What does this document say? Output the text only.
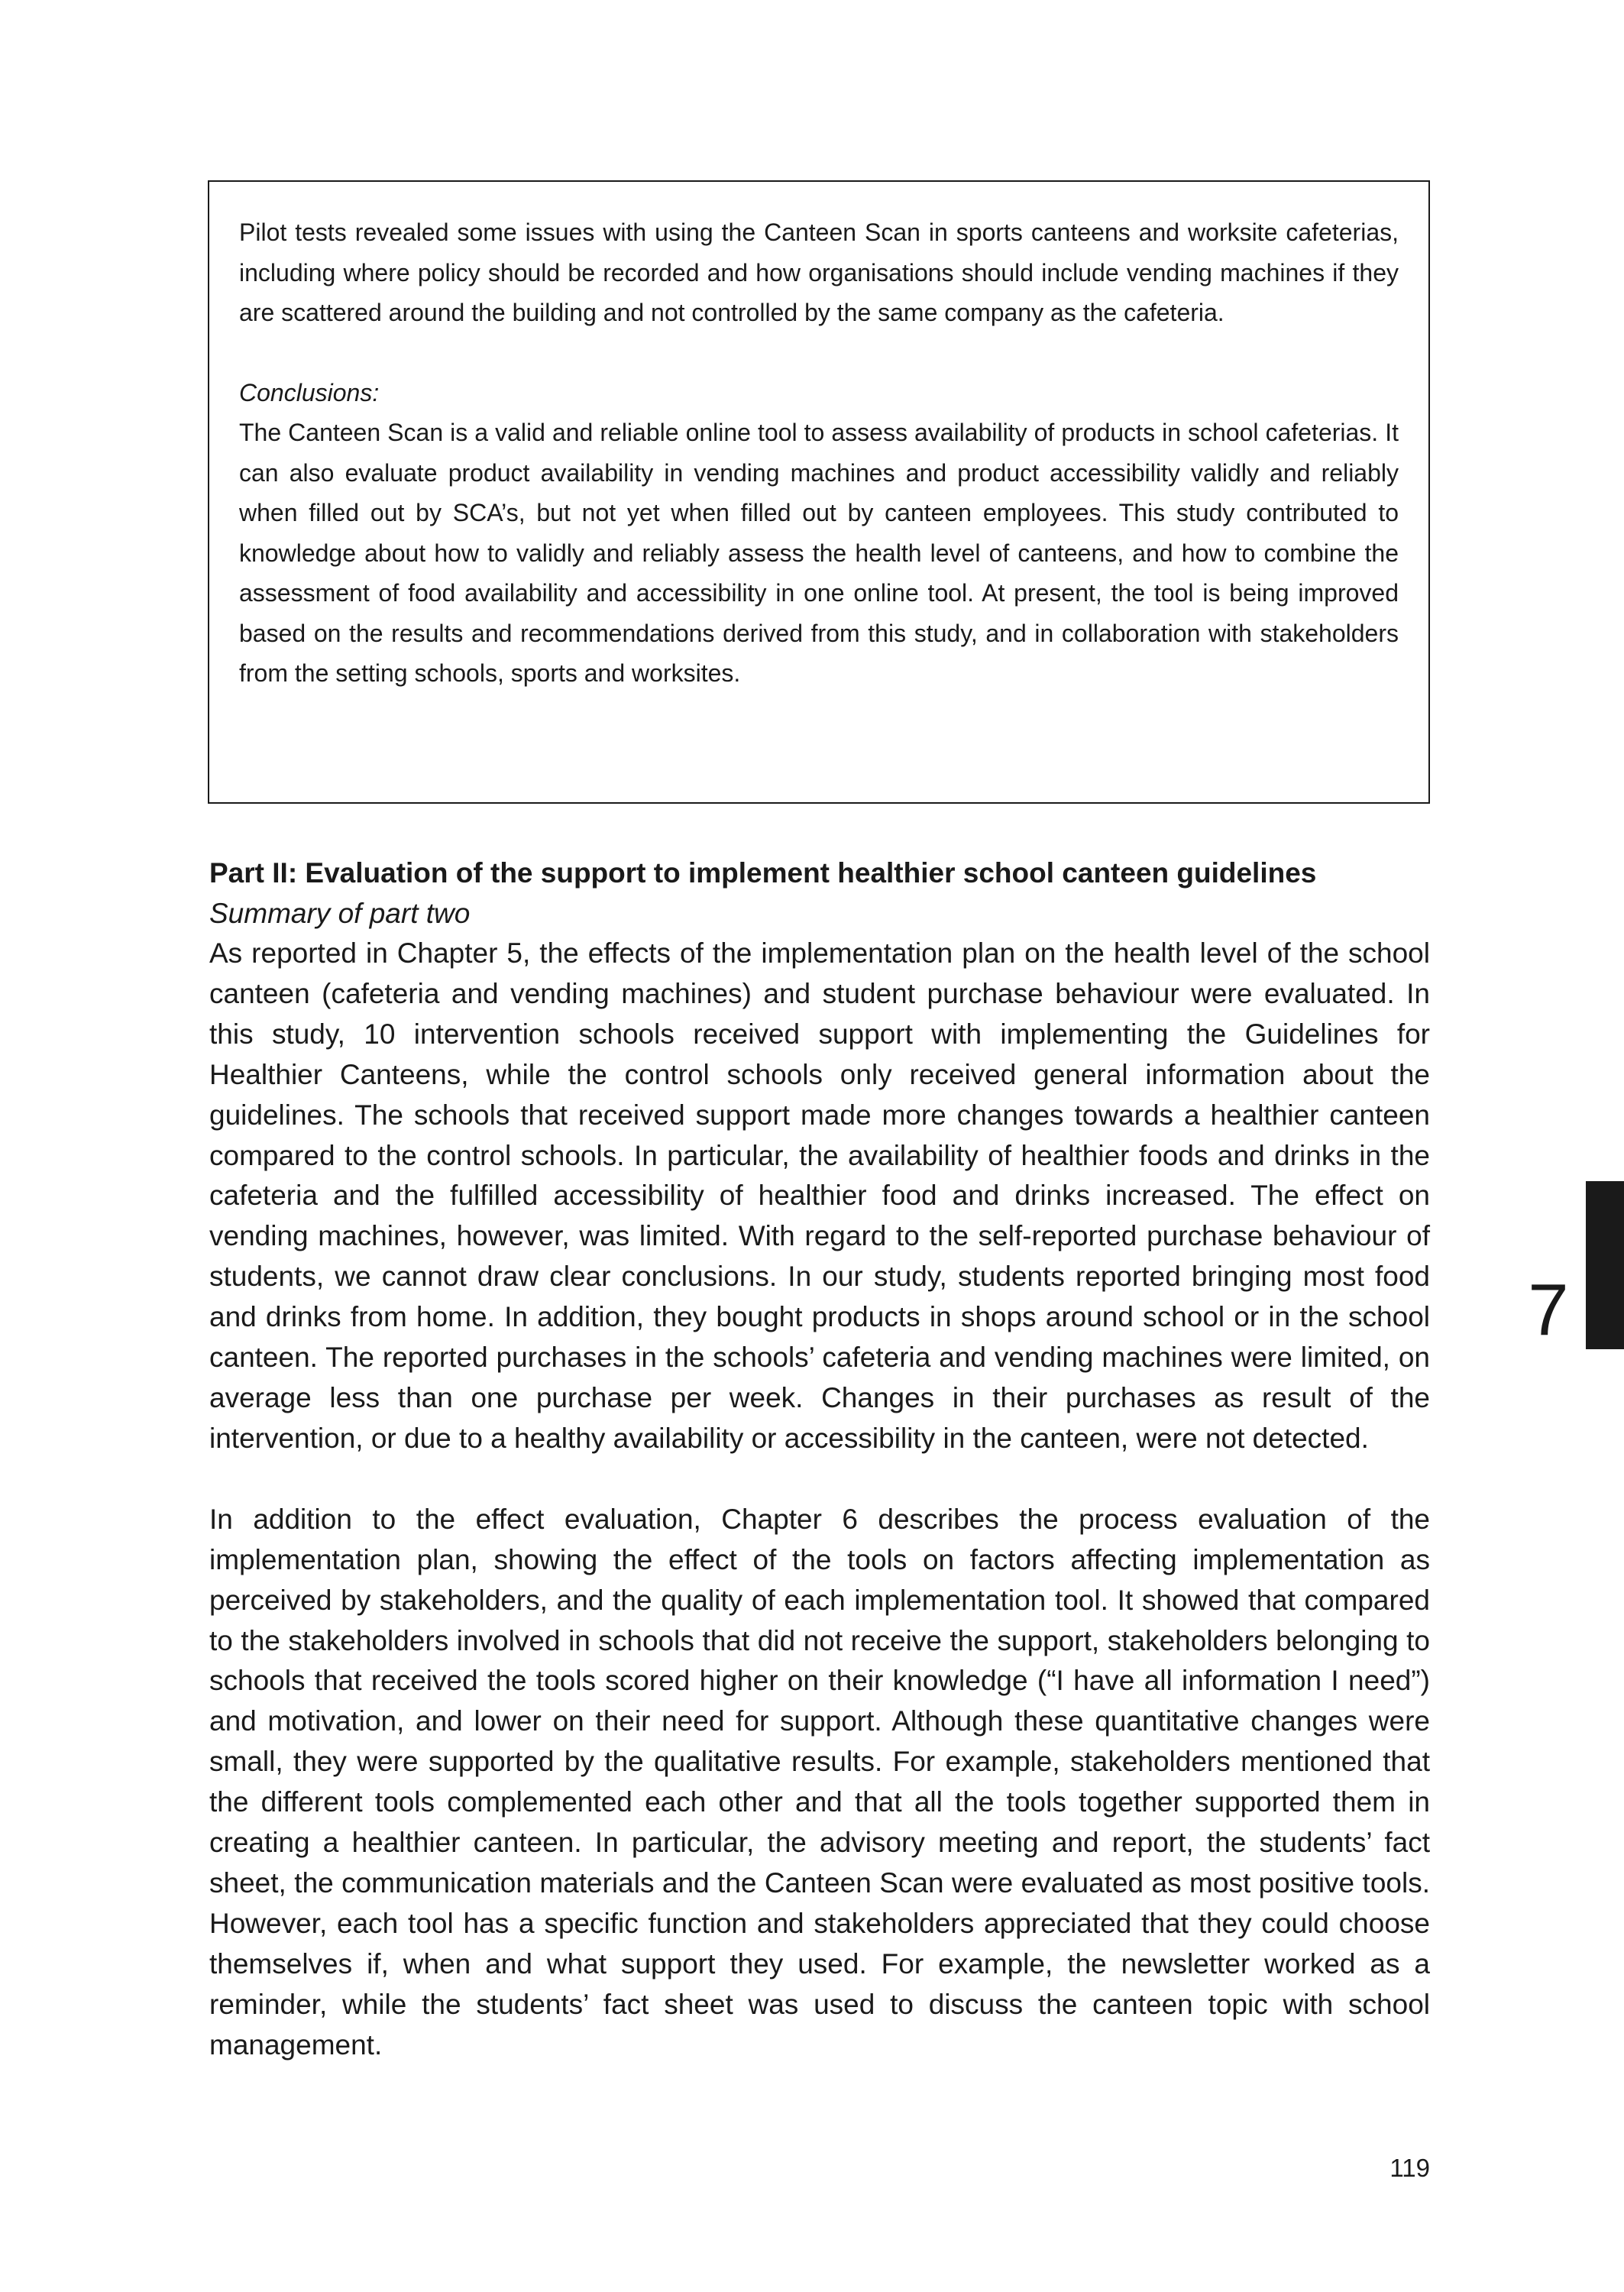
Pilot tests revealed some issues with using the Canteen Scan in sports canteens and worksite cafeterias, including where policy should be recorded and how organisations should include vending machines if they are scattered around the building and not controlled by the same company as the cafeteria.

Conclusions:

The Canteen Scan is a valid and reliable online tool to assess availability of products in school cafeterias. It can also evaluate product availability in vending machines and product accessibility validly and reliably when filled out by SCA’s, but not yet when filled out by canteen employees. This study contributed to knowledge about how to validly and reliably assess the health level of canteens, and how to combine the assessment of food availability and accessibility in one online tool. At present, the tool is being improved based on the results and recommendations derived from this study, and in collaboration with stakeholders from the setting schools, sports and worksites.

Part II: Evaluation of the support to implement healthier school canteen guidelines

Summary of part two

As reported in Chapter 5, the effects of the implementation plan on the health level of the school canteen (cafeteria and vending machines) and student purchase behaviour were evaluated. In this study, 10 intervention schools received support with implementing the Guidelines for Healthier Canteens, while the control schools only received general information about the guidelines. The schools that received support made more changes towards a healthier canteen compared to the control schools. In particular, the availability of healthier foods and drinks in the cafeteria and the fulfilled accessibility of healthier food and drinks increased. The effect on vending machines, however, was limited. With regard to the self-reported purchase behaviour of students, we cannot draw clear conclusions. In our study, students reported bringing most food and drinks from home. In addition, they bought products in shops around school or in the school canteen. The reported purchases in the schools’ cafeteria and vending machines were limited, on average less than one purchase per week. Changes in their purchases as result of the intervention, or due to a healthy availability or accessibility in the canteen, were not detected.

In addition to the effect evaluation, Chapter 6 describes the process evaluation of the implementation plan, showing the effect of the tools on factors affecting implementation as perceived by stakeholders, and the quality of each implementation tool. It showed that compared to the stakeholders involved in schools that did not receive the support, stakeholders belonging to schools that received the tools scored higher on their knowledge (“I have all information I need”) and motivation, and lower on their need for support. Although these quantitative changes were small, they were supported by the qualitative results. For example, stakeholders mentioned that the different tools complemented each other and that all the tools together supported them in creating a healthier canteen. In particular, the advisory meeting and report, the students’ fact sheet, the communication materials and the Canteen Scan were evaluated as most positive tools. However, each tool has a specific function and stakeholders appreciated that they could choose themselves if, when and what support they used. For example, the newsletter worked as a reminder, while the students’ fact sheet was used to discuss the canteen topic with school management.

7
119
